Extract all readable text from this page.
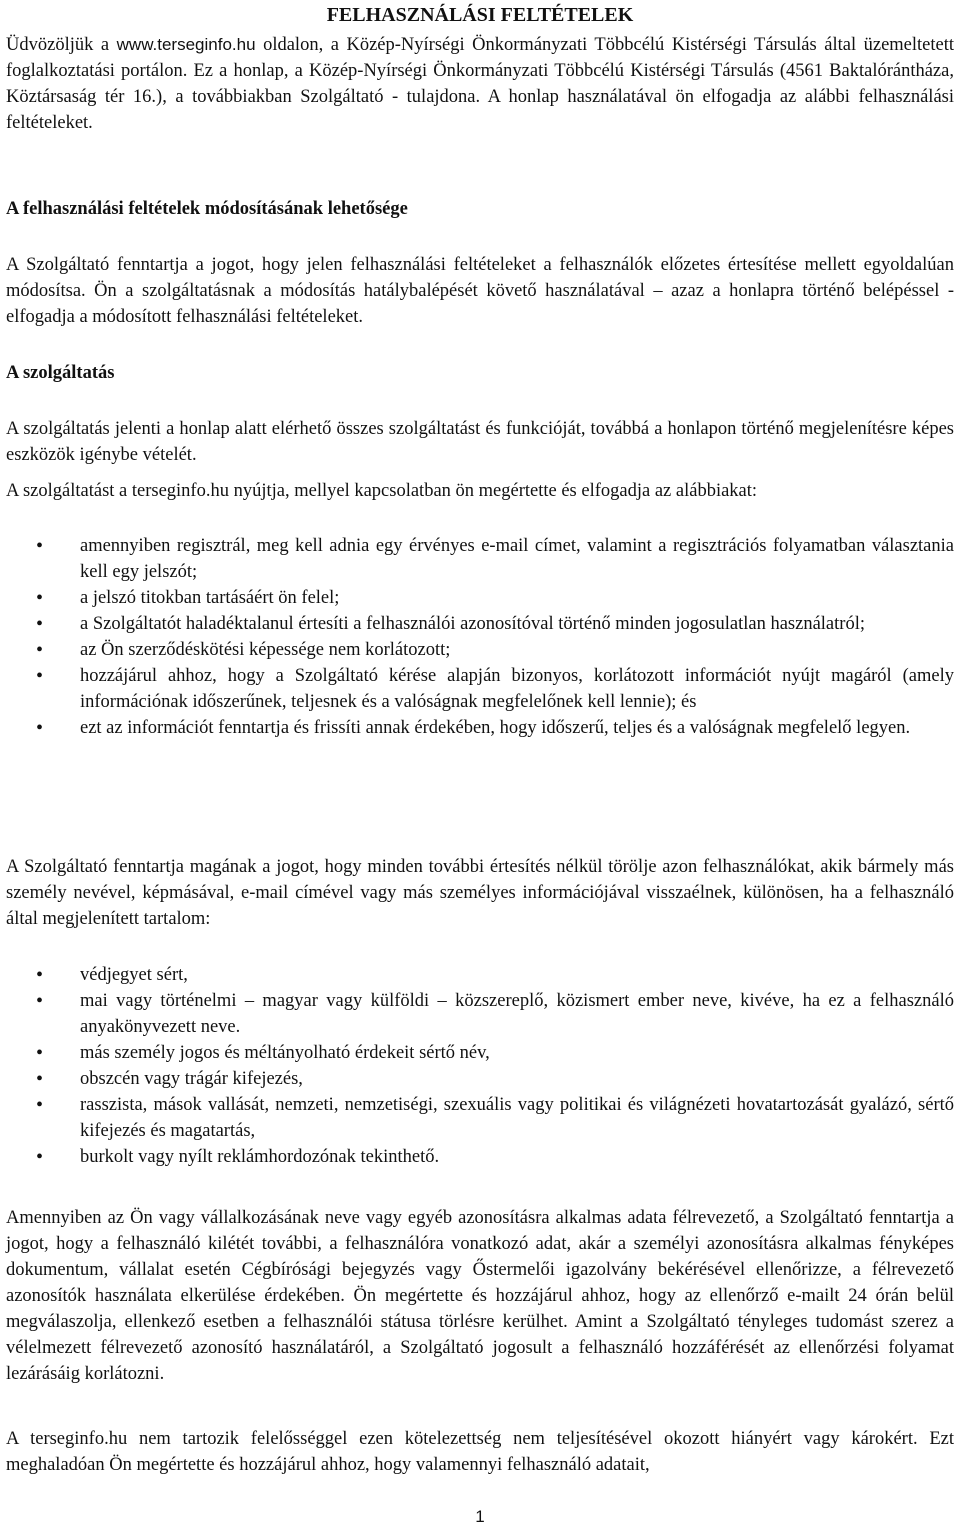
FELHASZNÁLÁSI FELTÉTELEK

Üdvözöljük a www.terseginfo.hu oldalon, a Közép-Nyírségi Önkormányzati Többcélú Kistérségi Társulás által üzemeltetett foglalkoztatási portálon. Ez a honlap, a Közép-Nyírségi Önkormányzati Többcélú Kistérségi Társulás (4561 Baktalórántháza, Köztársaság tér 16.), a továbbiakban Szolgáltató - tulajdona. A honlap használatával ön elfogadja az alábbi felhasználási feltételeket.

A felhasználási feltételek módosításának lehetősége

A Szolgáltató fenntartja a jogot, hogy jelen felhasználási feltételeket a felhasználók előzetes értesítése mellett egyoldalúan módosítsa. Ön a szolgáltatásnak a módosítás hatálybalépését követő használatával – azaz a honlapra történő belépéssel - elfogadja a módosított felhasználási feltételeket.

A szolgáltatás

A szolgáltatás jelenti a honlap alatt elérhető összes szolgáltatást és funkcióját, továbbá a honlapon történő megjelenítésre képes eszközök igénybe vételét.

A szolgáltatást a terseginfo.hu nyújtja, mellyel kapcsolatban ön megértette és elfogadja az alábbiakat:

• amennyiben regisztrál, meg kell adnia egy érvényes e-mail címet, valamint a regisztrációs folyamatban választania kell egy jelszót;
• a jelszó titokban tartásáért ön felel;
• a Szolgáltatót haladéktalanul értesíti a felhasználói azonosítóval történő minden jogosulatlan használatról;
• az Ön szerződéskötési képessége nem korlátozott;
• hozzájárul ahhoz, hogy a Szolgáltató kérése alapján bizonyos, korlátozott információt nyújt magáról (amely információnak időszerűnek, teljesnek és a valóságnak megfelelőnek kell lennie); és
• ezt az információt fenntartja és frissíti annak érdekében, hogy időszerű, teljes és a valóságnak megfelelő legyen.

A Szolgáltató fenntartja magának a jogot, hogy minden további értesítés nélkül törölje azon felhasználókat, akik bármely más személy nevével, képmásával, e-mail címével vagy más személyes információjával visszaélnek, különösen, ha a felhasználó által megjelenített tartalom:

• védjegyet sért,
• mai vagy történelmi – magyar vagy külföldi – közszereplő, közismert ember neve, kivéve, ha ez a felhasználó anyakönyvezett neve.
• más személy jogos és méltányolható érdekeit sértő név,
• obszcén vagy trágár kifejezés,
• rasszista, mások vallását, nemzeti, nemzetiségi, szexuális vagy politikai és világnézeti hovatartozását gyalázó, sértő kifejezés és magatartás,
• burkolt vagy nyílt reklámhordozónak tekinthető.

Amennyiben az Ön vagy vállalkozásának neve vagy egyéb azonosításra alkalmas adata félrevezető, a Szolgáltató fenntartja a jogot, hogy a felhasználó kilétét további, a felhasználóra vonatkozó adat, akár a személyi azonosításra alkalmas fényképes dokumentum, vállalat esetén Cégbírósági bejegyzés vagy Őstermelői igazolvány bekérésével ellenőrizze, a félrevezető azonosítók használata elkerülése érdekében. Ön megértette és hozzájárul ahhoz, hogy az ellenőrző e-mailt 24 órán belül megválaszolja, ellenkező esetben a felhasználói státusa törlésre kerülhet. Amint a Szolgáltató tényleges tudomást szerez a vélelmezett félrevezető azonosító használatáról, a Szolgáltató jogosult a felhasználó hozzáférését az ellenőrzési folyamat lezárásáig korlátozni.

A terseginfo.hu nem tartozik felelősséggel ezen kötelezettség nem teljesítésével okozott hiányért vagy károkért. Ezt meghaladóan Ön megértette és hozzájárul ahhoz, hogy valamennyi felhasználó adatait,

1
